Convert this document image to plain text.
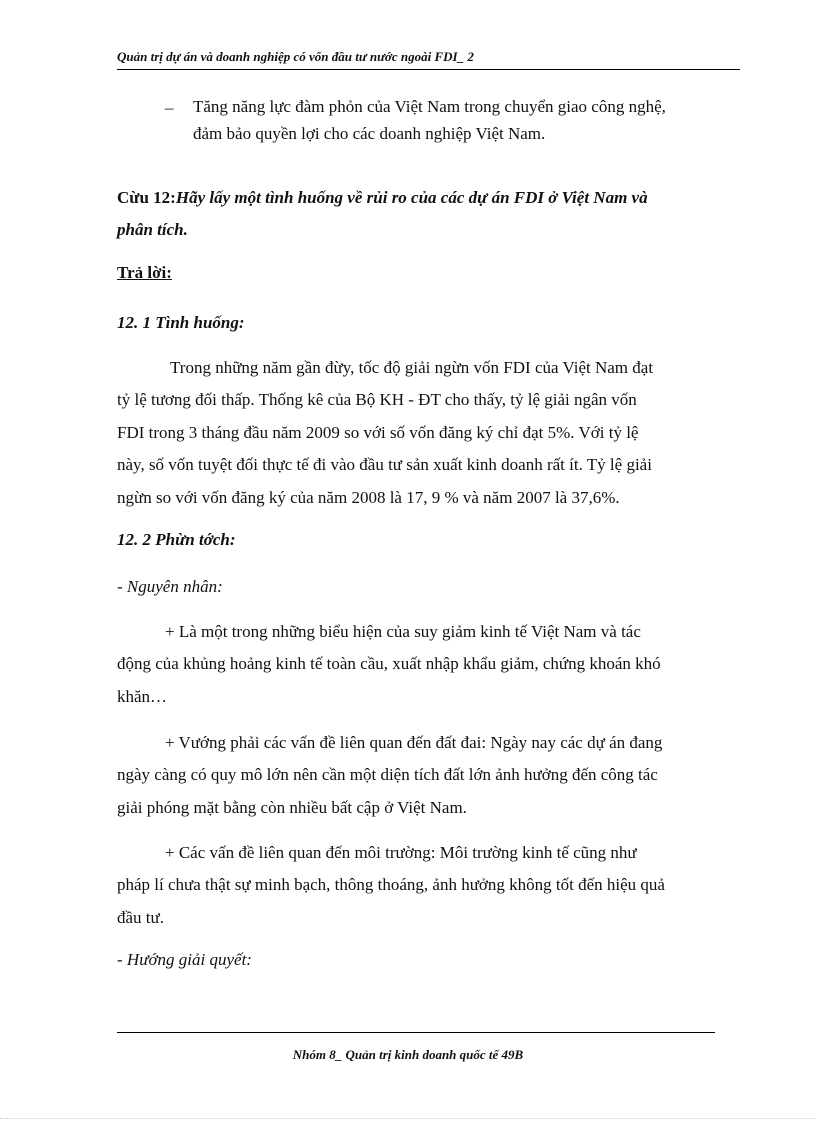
Quản trị dự án và doanh nghiệp có vốn đầu tư nước ngoài FDI_ 2
– Tăng năng lực đàm phỏn của Việt Nam trong chuyển giao công nghệ,
đảm bảo quyền lợi cho các doanh nghiệp Việt Nam.
Cừu 12:Hãy lấy một tình huống về rủi ro của các dự án FDI ở Việt Nam và
phân tích.
Trả lời:
12. 1 Tình huống:
Trong những năm gần đừy, tốc độ giải ngừn vốn FDI của Việt Nam đạt
tỷ lệ tương đối thấp. Thống kê của Bộ KH - ĐT cho thấy, tỷ lệ giải ngân vốn
FDI trong 3 tháng đầu năm 2009 so với số vốn đăng ký chỉ đạt 5%. Với tỷ lệ
này, số vốn tuyệt đối thực tế đi vào đầu tư sản xuất kinh doanh rất ít. Tỷ lệ giải
ngừn so với vốn đăng ký của năm 2008 là 17, 9 % và năm 2007 là 37,6%.
12. 2 Phừn tớch:
- Nguyên nhân:
+ Là một trong những biểu hiện của suy giảm kinh tế Việt Nam và tác
động của khủng hoảng kinh tế toàn cầu, xuất nhập khẩu giảm, chứng khoán khó
khăn…
+ Vướng phải các vấn đề liên quan đến đất đai: Ngày nay các dự án đang
ngày càng có quy mô lớn nên cần một diện tích đất lớn ảnh hưởng đến công tác
giải phóng mặt bằng còn nhiều bất cập ở Việt Nam.
+ Các vấn đề liên quan đến môi trường: Môi trường kinh tế cũng như
pháp lí chưa thật sự minh bạch, thông thoáng, ảnh hưởng không tốt đến hiệu quả
đầu tư.
- Hướng giải quyết:
Nhóm 8_ Quản trị kinh doanh quốc tế 49B
